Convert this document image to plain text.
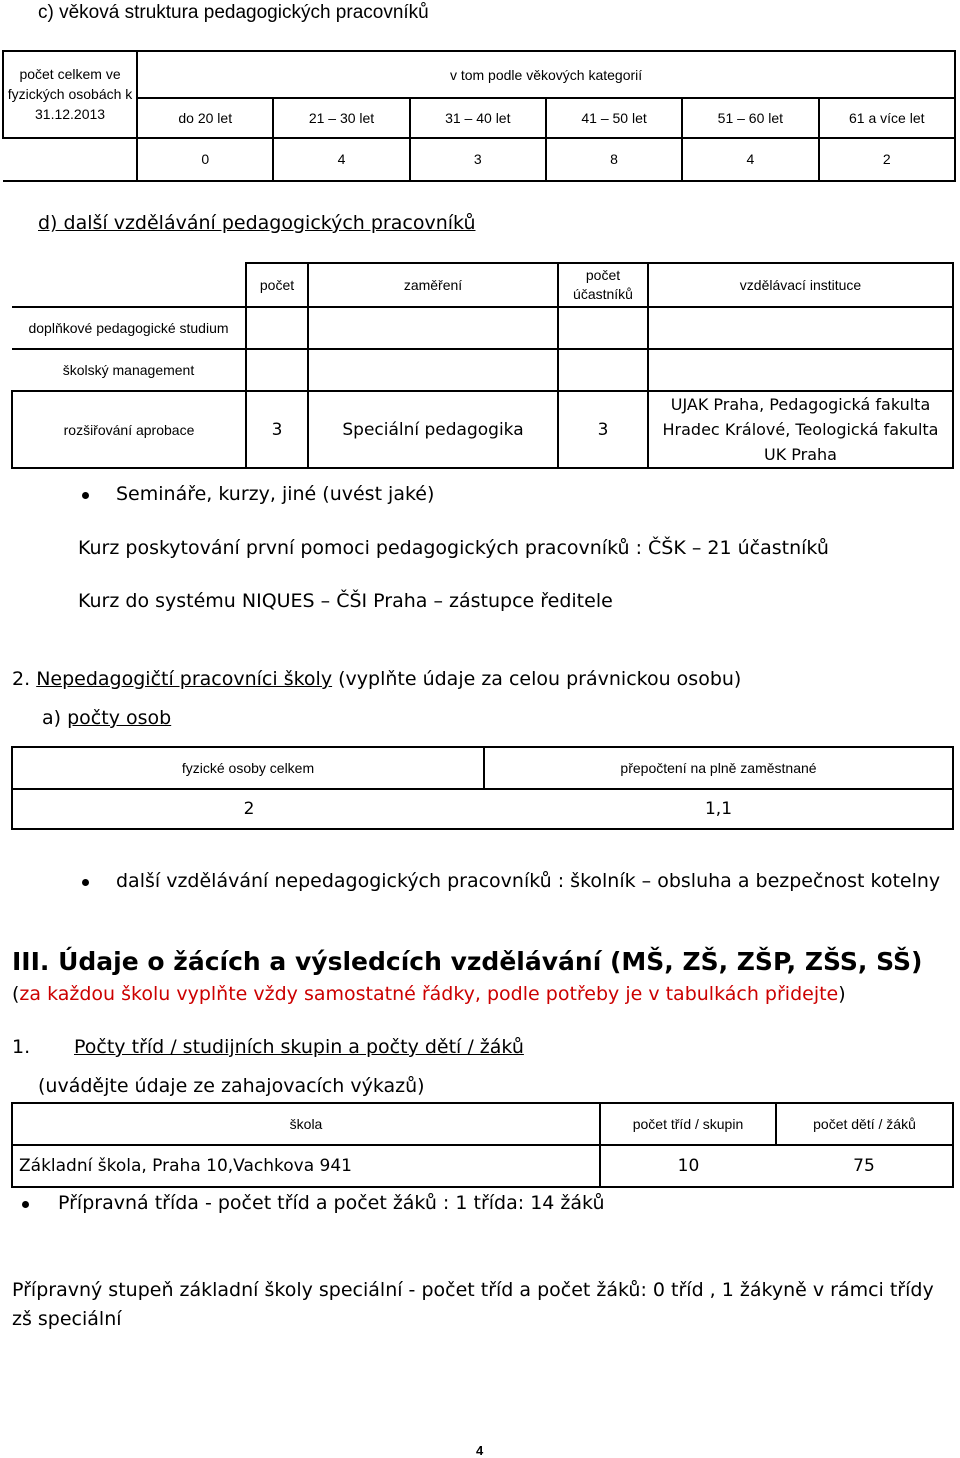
c) věková struktura pedagogických pracovníků
počet celkem ve fyzických osobách k 31.12.2013	v tom podle věkových kategorií					
	do 20 let	21 – 30 let	31 – 40 let	41 – 50 let	51 – 60 let	61 a více let
	0	4	3	8	4	2
d) další vzdělávání pedagogických pracovníků
	počet	zaměření	počet účastníků	vzdělávací instituce
doplňkové pedagogické studium				
školský management				
rozšiřování aprobace	3	Speciální pedagogika	3	UJAK Praha, Pedagogická fakulta Hradec Králové, Teologická fakulta UK Praha
Semináře, kurzy, jiné (uvést jaké)
Kurz poskytování první pomoci pedagogických pracovníků : ČŠK – 21 účastníků
Kurz do systému NIQUES – ČŠI Praha – zástupce ředitele
2. Nepedagogičtí pracovníci školy (vyplňte údaje za celou právnickou osobu)
a) počty osob
fyzické osoby celkem	přepočtení na plně zaměstnané

2	1,1
další vzdělávání nepedagogických pracovníků : školník – obsluha a bezpečnost kotelny
III. Údaje o žácích a výsledcích vzdělávání (MŠ, ZŠ, ZŠP, ZŠS, SŠ)
(za každou školu vyplňte vždy samostatné řádky, podle potřeby je v tabulkách přidejte)
1. Počty tříd / studijních skupin a počty dětí / žáků
(uvádějte údaje ze zahajovacích výkazů)
škola	počet tříd / skupin	počet dětí / žáků
Základní škola, Praha 10,Vachkova 941	10	75
Přípravná třída - počet tříd a počet žáků : 1 třída: 14 žáků
Přípravný stupeň základní školy speciální - počet tříd a počet žáků: 0 tříd , 1 žákyně v rámci třídy zš speciální
4
